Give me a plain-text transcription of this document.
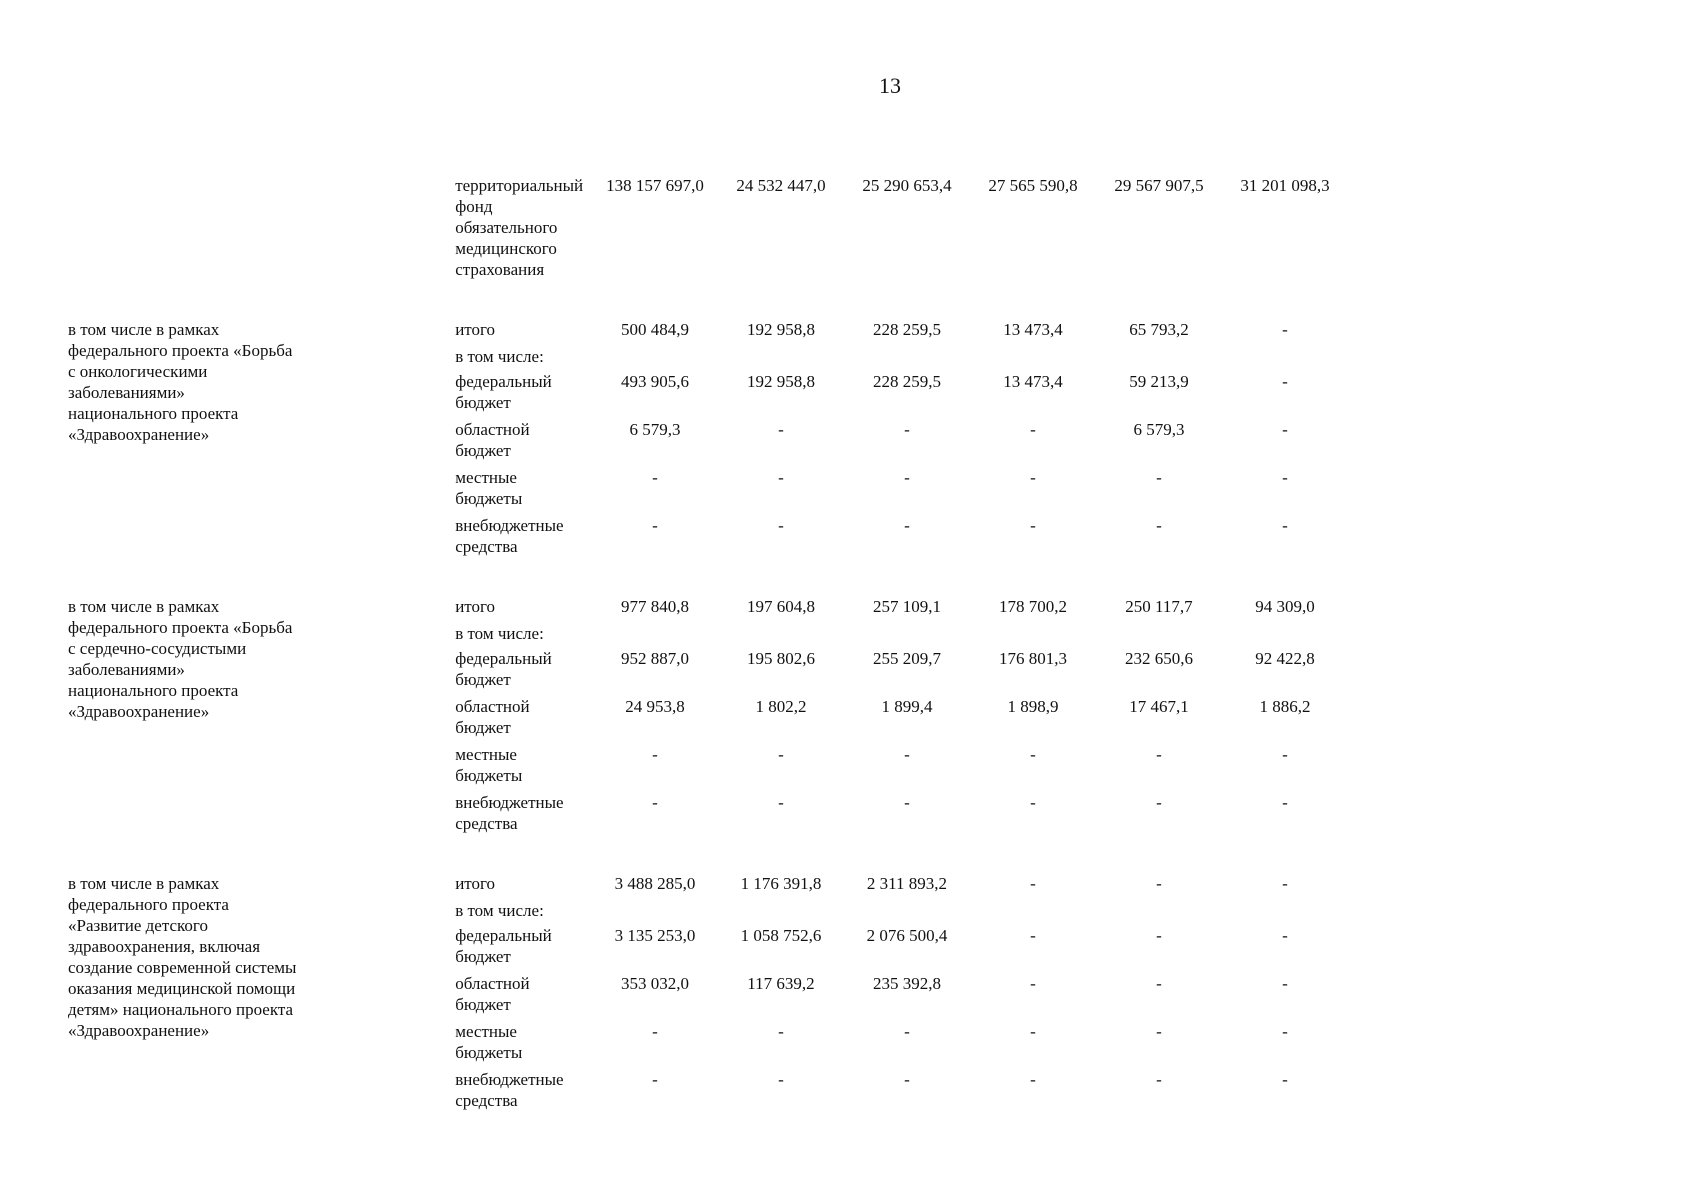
13

	территориальный фонд обязательного медицинского страхования	138 157 697,0	24 532 447,0	25 290 653,4	27 565 590,8	29 567 907,5	31 201 098,3

в том числе в рамках федерального проекта «Борьба с онкологическими заболеваниями» национального проекта «Здравоохранение»	итого	500 484,9	192 958,8	228 259,5	13 473,4	65 793,2	-

	в том числе:						

	федеральный бюджет	493 905,6	192 958,8	228 259,5	13 473,4	59 213,9	-

	областной бюджет	6 579,3	-	-	-	6 579,3	-

	местные бюджеты	-	-	-	-	-	-

	внебюджетные средства	-	-	-	-	-	-

в том числе в рамках федерального проекта «Борьба с сердечно-сосудистыми заболеваниями» национального проекта «Здравоохранение»	итого	977 840,8	197 604,8	257 109,1	178 700,2	250 117,7	94 309,0

	в том числе:						

	федеральный бюджет	952 887,0	195 802,6	255 209,7	176 801,3	232 650,6	92 422,8

	областной бюджет	24 953,8	1 802,2	1 899,4	1 898,9	17 467,1	1 886,2

	местные бюджеты	-	-	-	-	-	-

	внебюджетные средства	-	-	-	-	-	-

в том числе в рамках федерального проекта «Развитие детского здравоохранения, включая создание современной системы оказания медицинской помощи детям» национального проекта «Здравоохранение»	итого	3 488 285,0	1 176 391,8	2 311 893,2	-	-	-

	в том числе:						

	федеральный бюджет	3 135 253,0	1 058 752,6	2 076 500,4	-	-	-

	областной бюджет	353 032,0	117 639,2	235 392,8	-	-	-

	местные бюджеты	-	-	-	-	-	-

	внебюджетные средства	-	-	-	-	-	-
